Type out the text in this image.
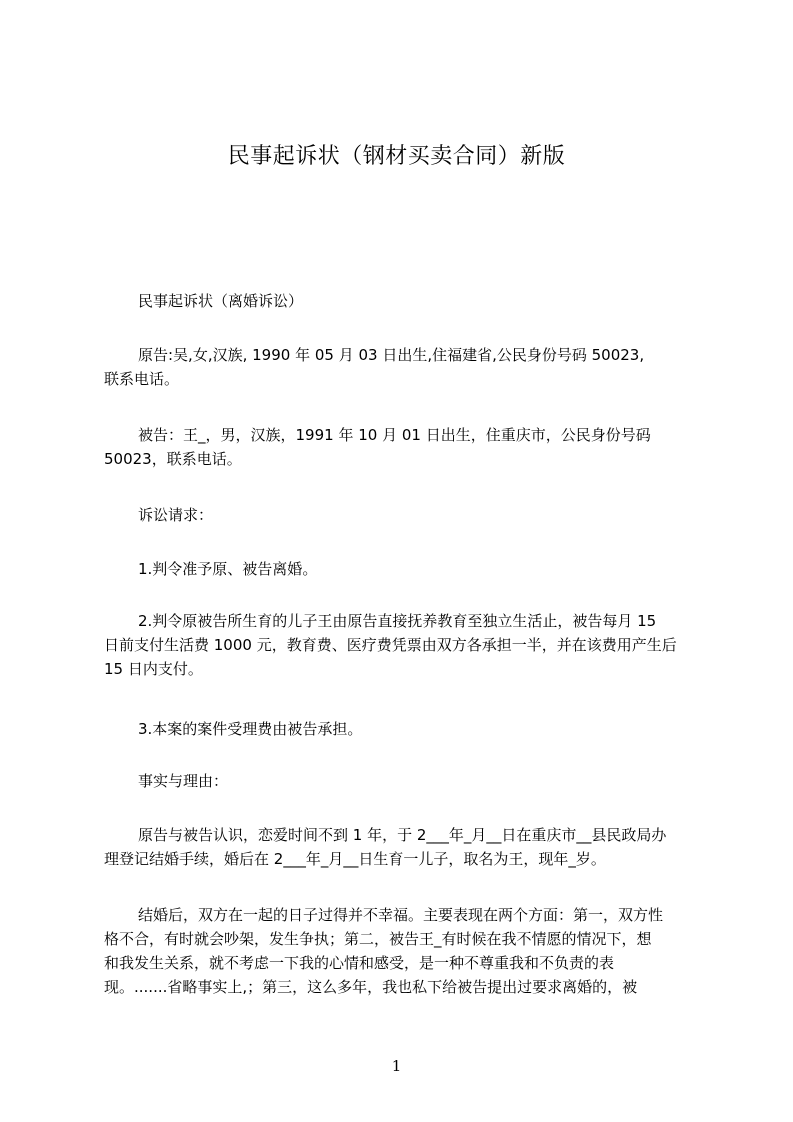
民事起诉状（钢材买卖合同）新版
民事起诉状（离婚诉讼）
原告:吴,女,汉族, 1990 年 05 月 03 日出生,住福建省,公民身份号码 50023,
联系电话。
被告：王_，男，汉族，1991 年 10 月 01 日出生，住重庆市，公民身份号码
50023，联系电话。
诉讼请求：
1.判令准予原、被告离婚。
2.判令原被告所生育的儿子王由原告直接抚养教育至独立生活止，被告每月 15
日前支付生活费 1000 元，教育费、医疗费凭票由双方各承担一半，并在该费用产生后
15 日内支付。
3.本案的案件受理费由被告承担。
事实与理由：
原告与被告认识，恋爱时间不到 1 年，于 2___年_月__日在重庆市__县民政局办
理登记结婚手续，婚后在 2___年_月__日生育一儿子，取名为王，现年_岁。
结婚后，双方在一起的日子过得并不幸福。主要表现在两个方面：第一，双方性
格不合，有时就会吵架，发生争执；第二，被告王_有时候在我不情愿的情况下，想
和我发生关系，就不考虑一下我的心情和感受，是一种不尊重我和不负责的表
现。.......省略事实上,；第三，这么多年，我也私下给被告提出过要求离婚的，被
1
